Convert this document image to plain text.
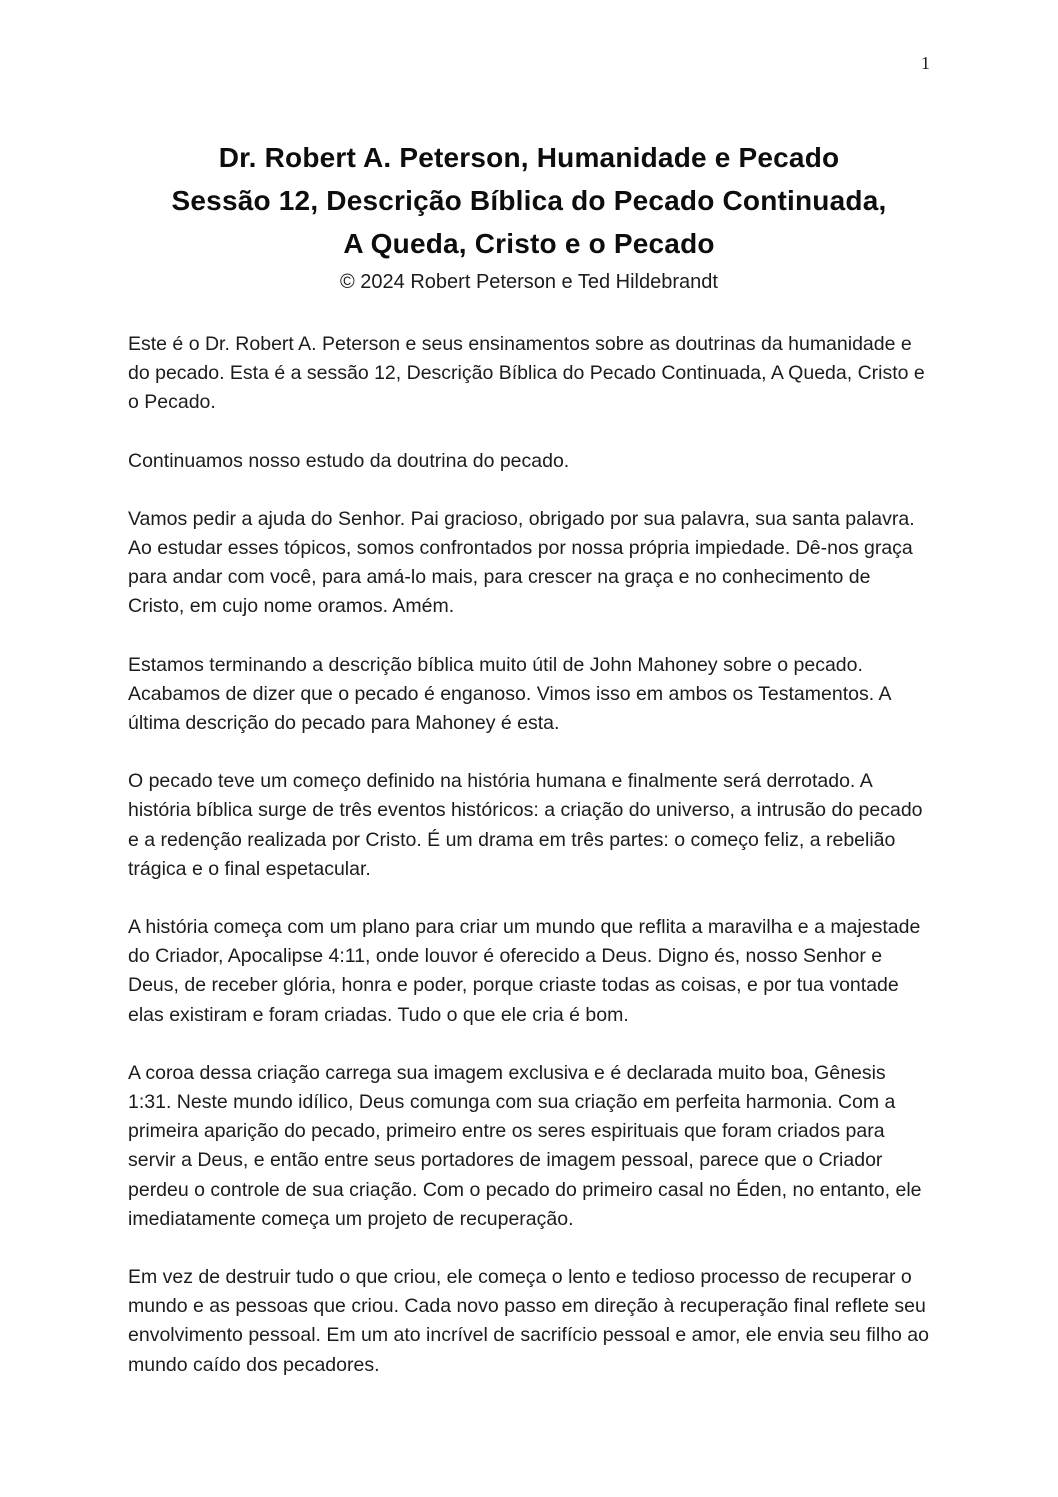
1
Dr. Robert A. Peterson, Humanidade e Pecado
Sessão 12, Descrição Bíblica do Pecado Continuada,
A Queda, Cristo e o Pecado
© 2024 Robert Peterson e Ted Hildebrandt

Este é o Dr. Robert A. Peterson e seus ensinamentos sobre as doutrinas da humanidade e do pecado. Esta é a sessão 12, Descrição Bíblica do Pecado Continuada, A Queda, Cristo e o Pecado.

Continuamos nosso estudo da doutrina do pecado.

Vamos pedir a ajuda do Senhor. Pai gracioso, obrigado por sua palavra, sua santa palavra. Ao estudar esses tópicos, somos confrontados por nossa própria impiedade. Dê-nos graça para andar com você, para amá-lo mais, para crescer na graça e no conhecimento de Cristo, em cujo nome oramos. Amém.

Estamos terminando a descrição bíblica muito útil de John Mahoney sobre o pecado. Acabamos de dizer que o pecado é enganoso. Vimos isso em ambos os Testamentos. A última descrição do pecado para Mahoney é esta.

O pecado teve um começo definido na história humana e finalmente será derrotado. A história bíblica surge de três eventos históricos: a criação do universo, a intrusão do pecado e a redenção realizada por Cristo. É um drama em três partes: o começo feliz, a rebelião trágica e o final espetacular.

A história começa com um plano para criar um mundo que reflita a maravilha e a majestade do Criador, Apocalipse 4:11, onde louvor é oferecido a Deus. Digno és, nosso Senhor e Deus, de receber glória, honra e poder, porque criaste todas as coisas, e por tua vontade elas existiram e foram criadas. Tudo o que ele cria é bom.

A coroa dessa criação carrega sua imagem exclusiva e é declarada muito boa, Gênesis 1:31. Neste mundo idílico, Deus comunga com sua criação em perfeita harmonia. Com a primeira aparição do pecado, primeiro entre os seres espirituais que foram criados para servir a Deus, e então entre seus portadores de imagem pessoal, parece que o Criador perdeu o controle de sua criação. Com o pecado do primeiro casal no Éden, no entanto, ele imediatamente começa um projeto de recuperação.

Em vez de destruir tudo o que criou, ele começa o lento e tedioso processo de recuperar o mundo e as pessoas que criou. Cada novo passo em direção à recuperação final reflete seu envolvimento pessoal. Em um ato incrível de sacrifício pessoal e amor, ele envia seu filho ao mundo caído dos pecadores.
